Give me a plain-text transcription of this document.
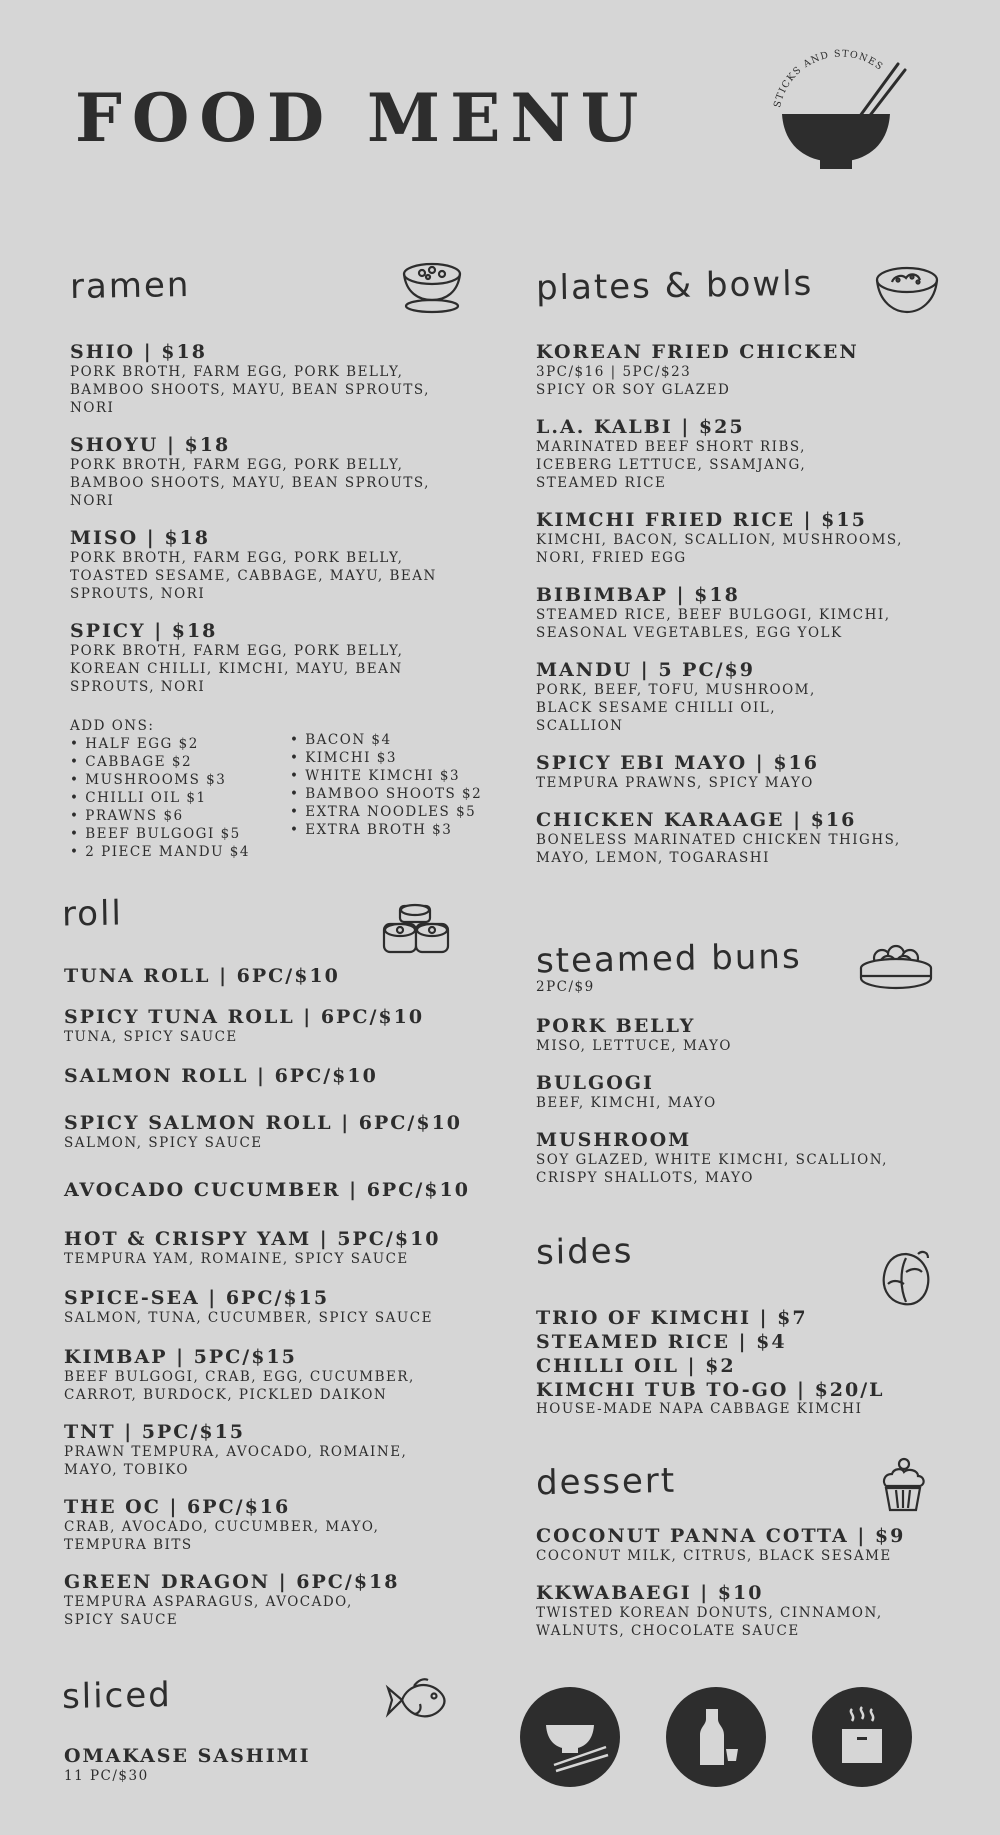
FOOD MENU	STICKS AND STONES
ramen
SHIO | $18
PORK BROTH, FARM EGG, PORK BELLY,
BAMBOO SHOOTS, MAYU, BEAN SPROUTS,
NORI
SHOYU | $18
PORK BROTH, FARM EGG, PORK BELLY,
BAMBOO SHOOTS, MAYU, BEAN SPROUTS,
NORI
MISO | $18
PORK BROTH, FARM EGG, PORK BELLY,
TOASTED SESAME, CABBAGE, MAYU, BEAN
SPROUTS, NORI
SPICY | $18
PORK BROTH, FARM EGG, PORK BELLY,
KOREAN CHILLI, KIMCHI, MAYU, BEAN
SPROUTS, NORI
ADD ONS:
• HALF EGG $2
• CABBAGE $2
• MUSHROOMS $3
• CHILLI OIL $1
• PRAWNS $6
• BEEF BULGOGI $5
• 2 PIECE MANDU $4
• BACON $4
• KIMCHI $3
• WHITE KIMCHI $3
• BAMBOO SHOOTS $2
• EXTRA NOODLES $5
• EXTRA BROTH $3
roll
TUNA ROLL | 6PC/$10
SPICY TUNA ROLL | 6PC/$10
TUNA, SPICY SAUCE
SALMON ROLL | 6PC/$10
SPICY SALMON ROLL | 6PC/$10
SALMON, SPICY SAUCE
AVOCADO CUCUMBER | 6PC/$10
HOT & CRISPY YAM | 5PC/$10
TEMPURA YAM, ROMAINE, SPICY SAUCE
SPICE-SEA | 6PC/$15
SALMON, TUNA, CUCUMBER, SPICY SAUCE
KIMBAP | 5PC/$15
BEEF BULGOGI, CRAB, EGG, CUCUMBER,
CARROT, BURDOCK, PICKLED DAIKON
TNT | 5PC/$15
PRAWN TEMPURA, AVOCADO, ROMAINE,
MAYO, TOBIKO
THE OC | 6PC/$16
CRAB, AVOCADO, CUCUMBER, MAYO,
TEMPURA BITS
GREEN DRAGON | 6PC/$18
TEMPURA ASPARAGUS, AVOCADO,
SPICY SAUCE
sliced
OMAKASE SASHIMI
11 PC/$30
plates & bowls
KOREAN FRIED CHICKEN
3PC/$16 | 5PC/$23
SPICY OR SOY GLAZED
L.A. KALBI | $25
MARINATED BEEF SHORT RIBS,
ICEBERG LETTUCE, SSAMJANG,
STEAMED RICE
KIMCHI FRIED RICE | $15
KIMCHI, BACON, SCALLION, MUSHROOMS,
NORI, FRIED EGG
BIBIMBAP | $18
STEAMED RICE, BEEF BULGOGI, KIMCHI,
SEASONAL VEGETABLES, EGG YOLK
MANDU | 5 PC/$9
PORK, BEEF, TOFU, MUSHROOM,
BLACK SESAME CHILLI OIL,
SCALLION
SPICY EBI MAYO | $16
TEMPURA PRAWNS, SPICY MAYO
CHICKEN KARAAGE | $16
BONELESS MARINATED CHICKEN THIGHS,
MAYO, LEMON, TOGARASHI
steamed buns
2PC/$9
PORK BELLY
MISO, LETTUCE, MAYO
BULGOGI
BEEF, KIMCHI, MAYO
MUSHROOM
SOY GLAZED, WHITE KIMCHI, SCALLION,
CRISPY SHALLOTS, MAYO
sides
TRIO OF KIMCHI | $7
STEAMED RICE | $4
CHILLI OIL | $2
KIMCHI TUB TO-GO | $20/L
HOUSE-MADE NAPA CABBAGE KIMCHI
dessert
COCONUT PANNA COTTA | $9
COCONUT MILK, CITRUS, BLACK SESAME
KKWABAEGI | $10
TWISTED KOREAN DONUTS, CINNAMON,
WALNUTS, CHOCOLATE SAUCE
